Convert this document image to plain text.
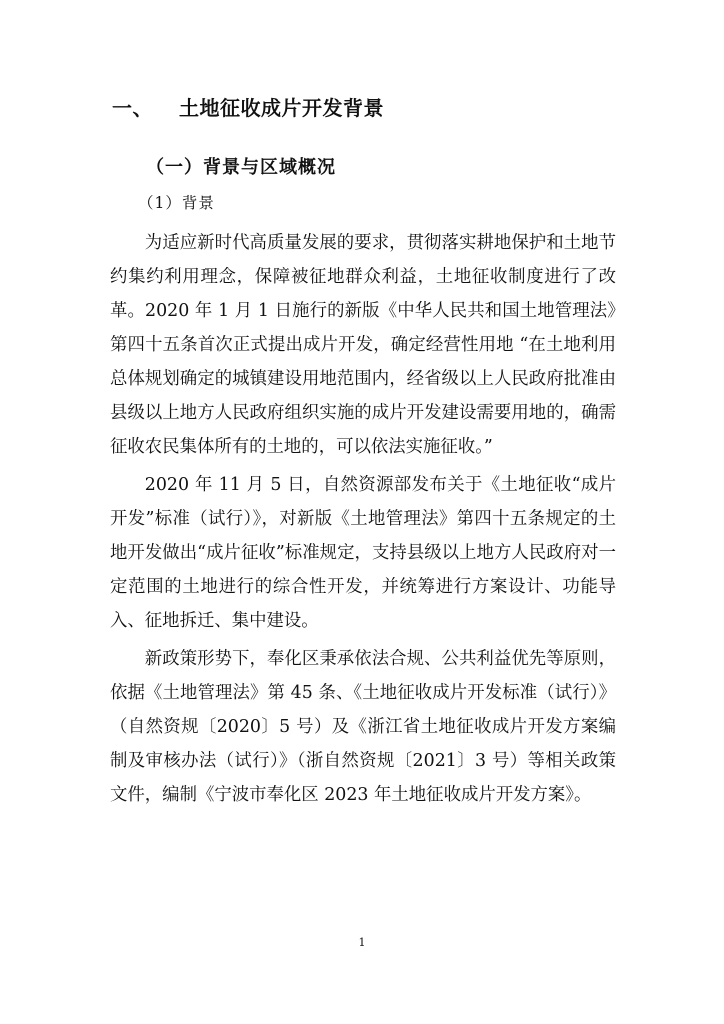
一、 土地征收成片开发背景
（一）背景与区域概况
（1）背景

为适应新时代高质量发展的要求，贯彻落实耕地保护和土地节约集约利用理念，保障被征地群众利益，土地征收制度进行了改革。2020 年 1 月 1 日施行的新版《中华人民共和国土地管理法》第四十五条首次正式提出成片开发，确定经营性用地 “在土地利用总体规划确定的城镇建设用地范围内，经省级以上人民政府批准由县级以上地方人民政府组织实施的成片开发建设需要用地的，确需征收农民集体所有的土地的，可以依法实施征收。”

2020 年 11 月 5 日，自然资源部发布关于《土地征收“成片开发”标准（试行）》，对新版《土地管理法》第四十五条规定的土地开发做出“成片征收”标准规定，支持县级以上地方人民政府对一定范围的土地进行的综合性开发，并统筹进行方案设计、功能导入、征地拆迁、集中建设。

新政策形势下，奉化区秉承依法合规、公共利益优先等原则，依据《土地管理法》第 45 条、《土地征收成片开发标准（试行）》（自然资规〔2020〕5 号）及《浙江省土地征收成片开发方案编制及审核办法（试行）》（浙自然资规〔2021〕3 号）等相关政策文件，编制《宁波市奉化区 2023 年土地征收成片开发方案》。

1
